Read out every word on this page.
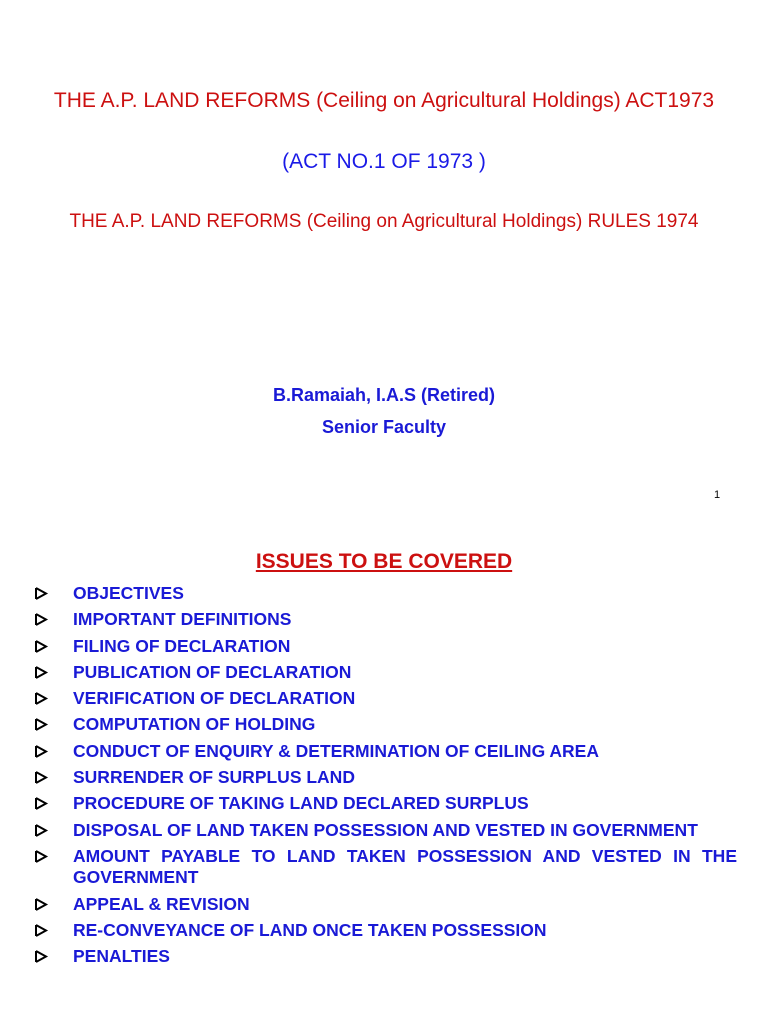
THE A.P. LAND REFORMS (Ceiling on Agricultural Holdings) ACT1973
(ACT NO.1 OF 1973 )
THE A.P. LAND REFORMS (Ceiling on Agricultural Holdings) RULES 1974
B.Ramaiah, I.A.S (Retired)
Senior Faculty
1
ISSUES TO BE COVERED
OBJECTIVES
IMPORTANT DEFINITIONS
FILING OF DECLARATION
PUBLICATION OF DECLARATION
VERIFICATION OF DECLARATION
COMPUTATION OF HOLDING
CONDUCT OF ENQUIRY & DETERMINATION OF CEILING AREA
SURRENDER OF SURPLUS LAND
PROCEDURE OF TAKING LAND DECLARED SURPLUS
DISPOSAL OF LAND TAKEN POSSESSION AND VESTED IN GOVERNMENT
AMOUNT PAYABLE TO LAND TAKEN POSSESSION AND VESTED IN THE GOVERNMENT
APPEAL & REVISION
RE-CONVEYANCE OF LAND ONCE TAKEN POSSESSION
PENALTIES
